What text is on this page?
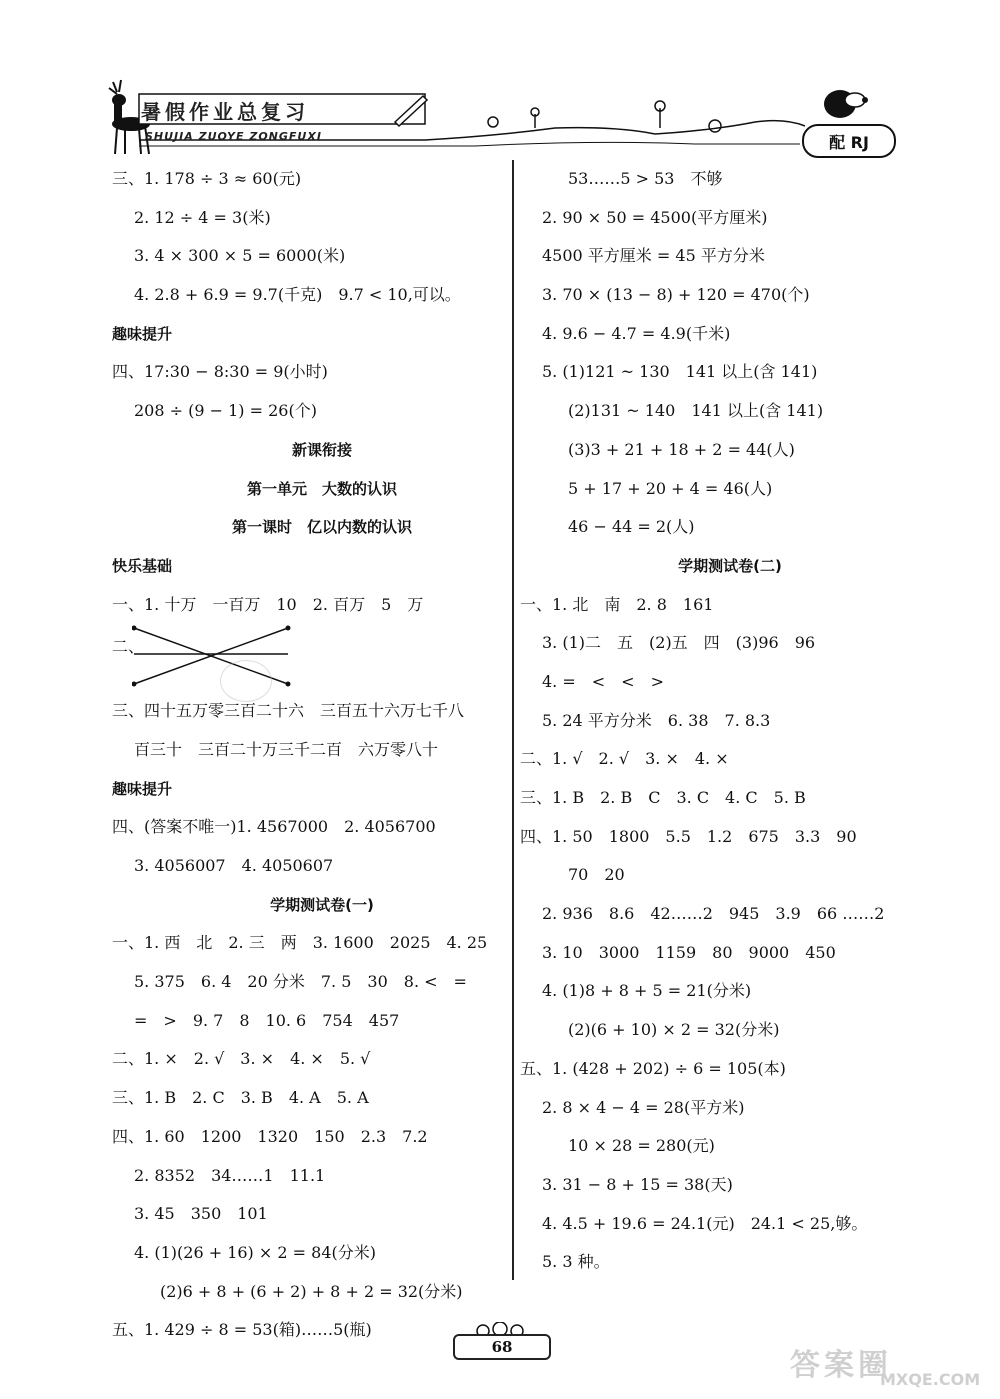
暑假作业总复习
SHUJIA ZUOYE ZONGFUXI	配 RJ
三、1. 178 ÷ 3 ≈ 60(元)
2. 12 ÷ 4 = 3(米)
3. 4 × 300 × 5 = 6000(米)
4. 2.8 + 6.9 = 9.7(千克)　9.7 < 10,可以。
趣味提升
四、17:30 − 8:30 = 9(小时)
208 ÷ (9 − 1) = 26(个)
新课衔接
第一单元　大数的认识
第一课时　亿以内数的认识
快乐基础
一、1. 十万　一百万　10　2. 百万　5　万
二、
三、四十五万零三百二十六　三百五十六万七千八
百三十　三百二十万三千二百　六万零八十
趣味提升
四、(答案不唯一)1. 4567000　2. 4056700
3. 4056007　4. 4050607
学期测试卷(一)
一、1. 西　北　2. 三　两　3. 1600　2025　4. 25
5. 375　6. 4　20 分米　7. 5　30　8. <　=
=　>　9. 7　8　10. 6　754　457
二、1. ×　2. √　3. ×　4. ×　5. √
三、1. B　2. C　3. B　4. A　5. A
四、1. 60　1200　1320　150　2.3　7.2
2. 8352　34……1　11.1
3. 45　350　101
4. (1)(26 + 16) × 2 = 84(分米)
(2)6 + 8 + (6 + 2) + 8 + 2 = 32(分米)
五、1. 429 ÷ 8 = 53(箱)……5(瓶)
53……5 > 53　不够
2. 90 × 50 = 4500(平方厘米)
4500 平方厘米 = 45 平方分米
3. 70 × (13 − 8) + 120 = 470(个)
4. 9.6 − 4.7 = 4.9(千米)
5. (1)121 ~ 130　141 以上(含 141)
(2)131 ~ 140　141 以上(含 141)
(3)3 + 21 + 18 + 2 = 44(人)
5 + 17 + 20 + 4 = 46(人)
46 − 44 = 2(人)
学期测试卷(二)
一、1. 北　南　2. 8　161
3. (1)二　五　(2)五　四　(3)96　96
4. =　<　<　>
5. 24 平方分米　6. 38　7. 8.3
二、1. √　2. √　3. ×　4. ×
三、1. B　2. B　C　3. C　4. C　5. B
四、1. 50　1800　5.5　1.2　675　3.3　90
70　20
2. 936　8.6　42……2　945　3.9　66 ……2
3. 10　3000　1159　80　9000　450
4. (1)8 + 8 + 5 = 21(分米)
(2)(6 + 10) × 2 = 32(分米)
五、1. (428 + 202) ÷ 6 = 105(本)
2. 8 × 4 − 4 = 28(平方米)
10 × 28 = 280(元)
3. 31 − 8 + 15 = 38(天)
4. 4.5 + 19.6 = 24.1(元)　24.1 < 25,够。
5. 3 种。
68
答案圈
MXQE.COM
